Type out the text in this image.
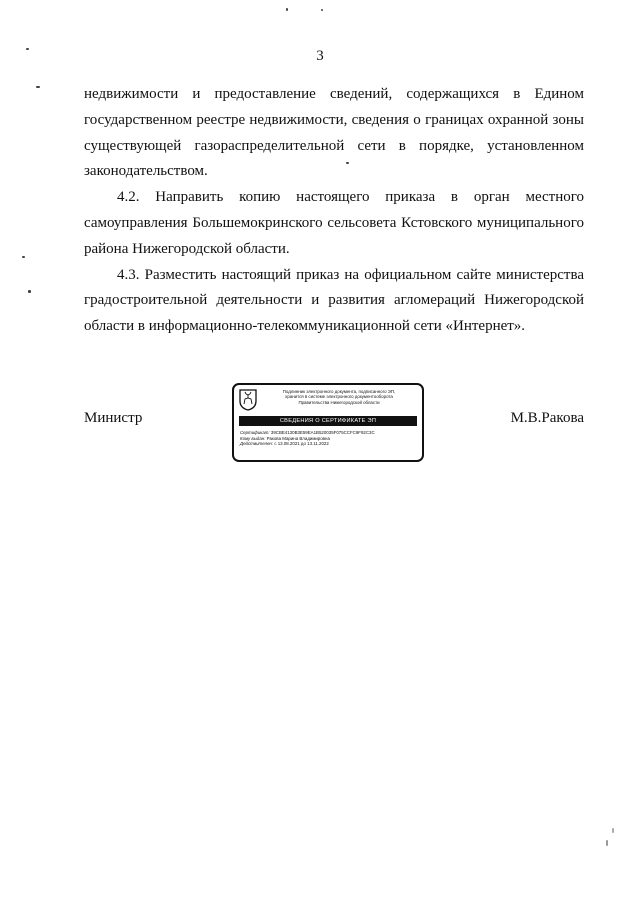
3

недвижимости и предоставление сведений, содержащихся в Едином государственном реестре недвижимости, сведения о границах охранной зоны существующей газораспределительной сети в порядке, установленном законодательством.

4.2. Направить копию настоящего приказа в орган местного самоуправления Большемокринского сельсовета Кстовского муниципального района Нижегородской области.

4.3. Разместить настоящий приказ на официальном сайте министерства градостроительной деятельности и развития агломераций Нижегородской области в информационно-телекоммуникационной сети «Интернет».

Министр
Подлинник электронного документа, подписанного ЭП,
хранится в системе электронного документооборота
Правительства Нижегородской области
СВЕДЕНИЯ О СЕРТИФИКАТЕ ЭП
Сертификат: 39CBE4130B3E59EA1B520035F075CCFC9F92C3C
Кому выдан: Ракова Марина Владимировна
Действителен: с 13.08.2021 до 13.11.2022
М.В.Ракова
